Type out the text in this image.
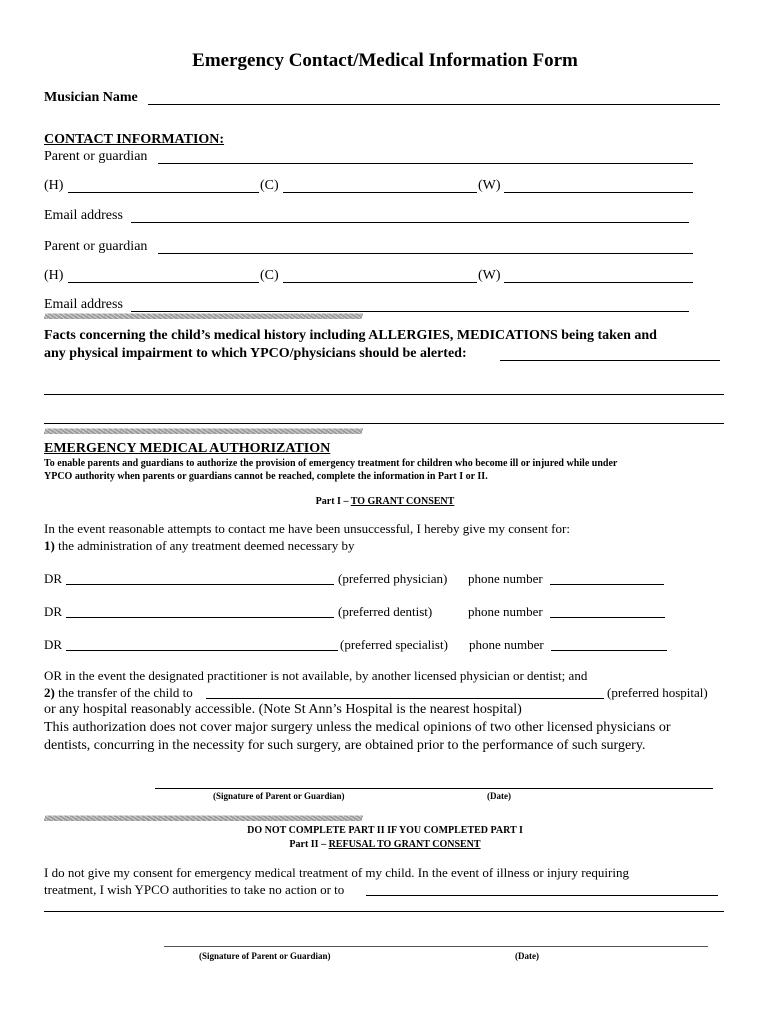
Emergency Contact/Medical Information Form
Musician Name
CONTACT INFORMATION:
Parent or guardian
(H)	(C)	(W)
Email address
Parent or guardian
(H)	(C)	(W)
Email address
////////////////////////////////////////////////////////////////////////////////////////////////////////////////////////////////////////////////////////////////////////////////////////////////////////////////////////////////////////////////////////////////////
Facts concerning the child’s medical history including ALLERGIES, MEDICATIONS being taken and
any physical impairment to which YPCO/physicians should be alerted:
////////////////////////////////////////////////////////////////////////////////////////////////////////////////////////////////////////////////////////////////////////////////////////////////////////////////////////////////////////////////////////////////////
EMERGENCY MEDICAL AUTHORIZATION
To enable parents and guardians to authorize the provision of emergency treatment for children who become ill or injured while under
YPCO authority when parents or guardians cannot be reached, complete the information in Part I or II.
Part I – TO GRANT CONSENT
In the event reasonable attempts to contact me have been unsuccessful, I hereby give my consent for:
1) the administration of any treatment deemed necessary by
DR	(preferred physician) phone number
DR	(preferred dentist)	phone number
DR	(preferred specialist) phone number
OR in the event the designated practitioner is not available, by another licensed physician or dentist; and
2) the transfer of the child to	(preferred hospital)
or any hospital reasonably accessible. (Note St Ann’s Hospital is the nearest hospital)
This authorization does not cover major surgery unless the medical opinions of two other licensed physicians or
dentists, concurring in the necessity for such surgery, are obtained prior to the performance of such surgery.
(Signature of Parent or Guardian)	(Date)
////////////////////////////////////////////////////////////////////////////////////////////////////////////////////////////////////////////////////////////////////////////////////////////////////////////////////////////////////////////////////////////////////
DO NOT COMPLETE PART II IF YOU COMPLETED PART I
Part II – REFUSAL TO GRANT CONSENT
I do not give my consent for emergency medical treatment of my child. In the event of illness or injury requiring
treatment, I wish YPCO authorities to take no action or to
(Signature of Parent or Guardian)	(Date)
